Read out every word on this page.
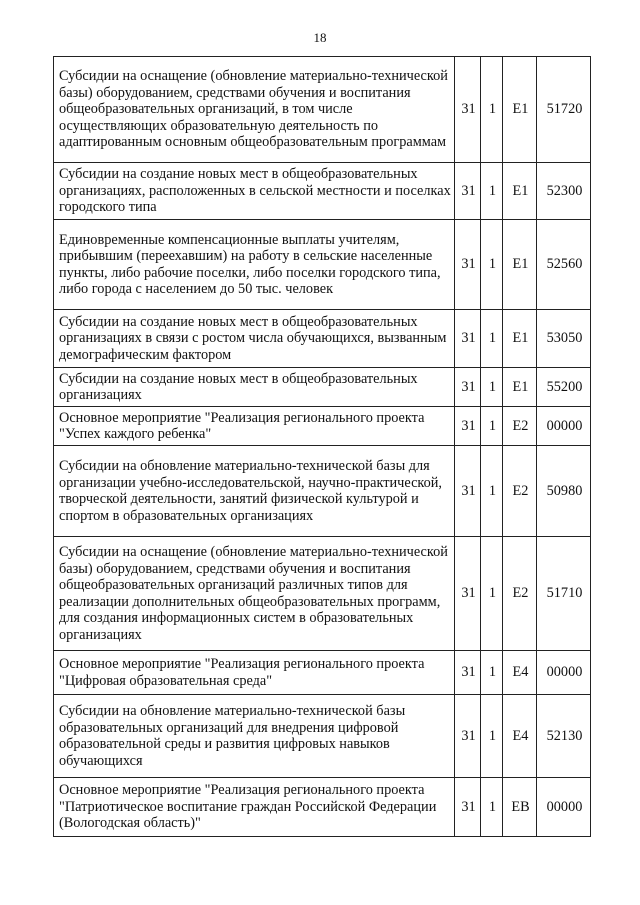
18
Субсидии на оснащение (обновление материально-технической базы) оборудованием, средствами обучения и воспитания общеобразовательных организаций, в том числе осуществляющих образовательную деятельность по адаптированным основным общеобразовательным программам	31	1	E1	51720
Субсидии на создание новых мест в общеобразовательных организациях, расположенных в сельской местности и поселках городского типа	31	1	E1	52300
Единовременные компенсационные выплаты учителям, прибывшим (переехавшим) на работу в сельские населенные пункты, либо рабочие поселки, либо поселки городского типа, либо города с населением до 50 тыс. человек	31	1	E1	52560
Субсидии на создание новых мест в общеобразовательных организациях в связи с ростом числа обучающихся, вызванным демографическим фактором	31	1	E1	53050
Субсидии на создание новых мест в общеобразовательных организациях	31	1	E1	55200
Основное мероприятие "Реализация регионального проекта "Успех каждого ребенка"	31	1	E2	00000
Субсидии на обновление материально-технической базы для организации учебно-исследовательской, научно-практической, творческой деятельности, занятий физической культурой и спортом в образовательных организациях	31	1	E2	50980
Субсидии на оснащение (обновление материально-технической базы) оборудованием, средствами обучения и воспитания общеобразовательных организаций различных типов для реализации дополнительных общеобразовательных программ, для создания информационных систем в образовательных организациях	31	1	E2	51710
Основное мероприятие "Реализация регионального проекта "Цифровая образовательная среда"	31	1	E4	00000
Субсидии на обновление материально-технической базы образовательных организаций для внедрения цифровой образовательной среды и развития цифровых навыков обучающихся	31	1	E4	52130
Основное мероприятие "Реализация регионального проекта "Патриотическое воспитание граждан Российской Федерации (Вологодская область)"	31	1	EB	00000
